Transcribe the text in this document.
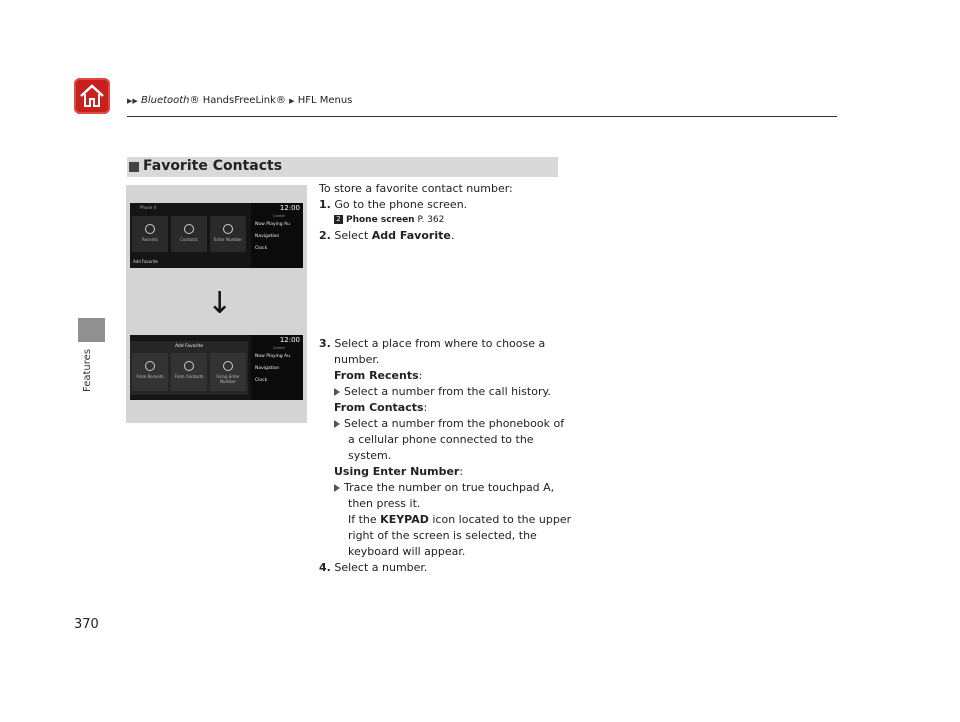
▶▶ Bluetooth® HandsFreeLink® ▶ HFL Menus
Features
370
Favorite Contacts
Phone 4
Recents	Contacts	Enter Number
Add Favorite
12:00
Carrier
Now Playing Au
Navigation
Clock
↓
Add Favorite
From Recents	From Contacts	Using Enter Number
12:00
Carrier
Now Playing Au
Navigation
Clock
To store a favorite contact number:
1. Go to the phone screen.
2 Phone screen P. 362
2. Select Add Favorite.
3. Select a place from where to choose a
number.
From Recents:
Select a number from the call history.
From Contacts:
Select a number from the phonebook of
a cellular phone connected to the
system.
Using Enter Number:
Trace the number on true touchpad A,
then press it.
If the KEYPAD icon located to the upper
right of the screen is selected, the
keyboard will appear.
4. Select a number.
